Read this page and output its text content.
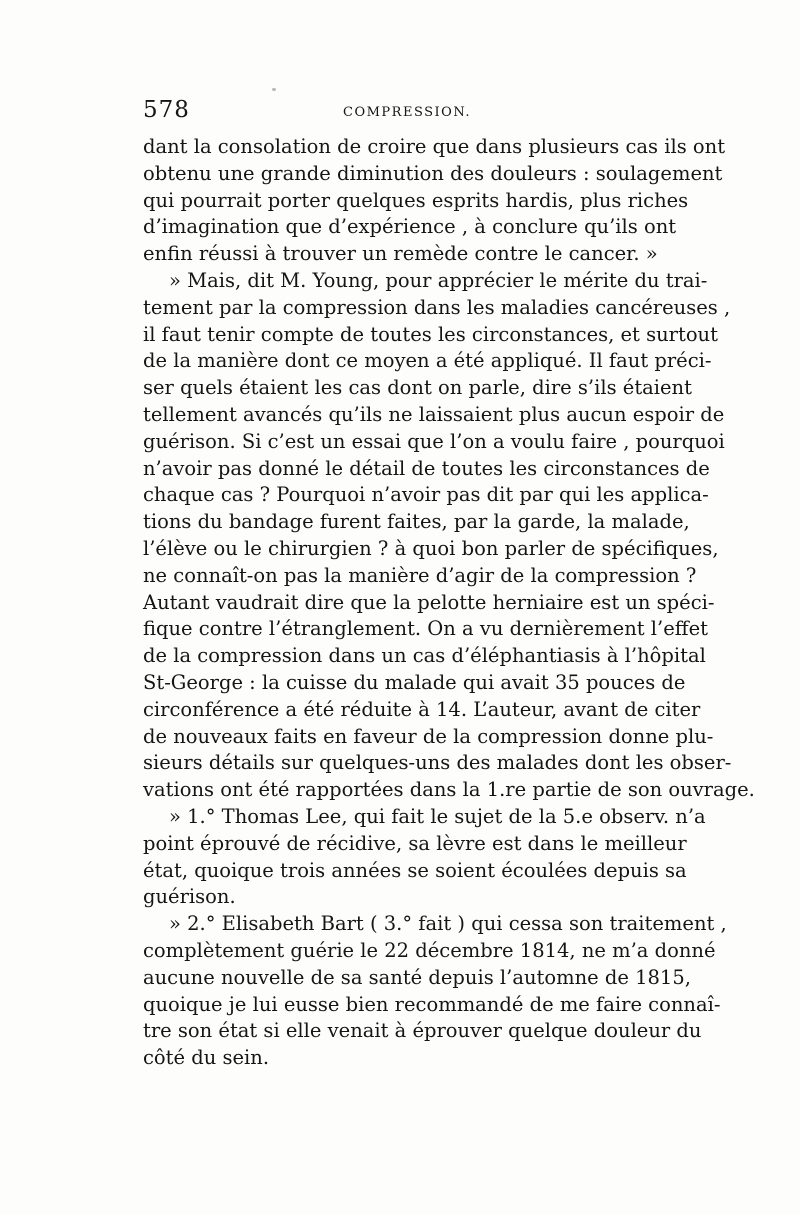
578	COMPRESSION.
dant la consolation de croire que dans plusieurs cas ils ont
obtenu une grande diminution des douleurs : soulagement
qui pourrait porter quelques esprits hardis, plus riches
d’imagination que d’expérience , à conclure qu’ils ont
enfin réussi à trouver un remède contre le cancer. »
» Mais, dit M. Young, pour apprécier le mérite du trai-
tement par la compression dans les maladies cancéreuses ,
il faut tenir compte de toutes les circonstances, et surtout
de la manière dont ce moyen a été appliqué. Il faut préci-
ser quels étaient les cas dont on parle, dire s’ils étaient
tellement avancés qu’ils ne laissaient plus aucun espoir de
guérison. Si c’est un essai que l’on a voulu faire , pourquoi
n’avoir pas donné le détail de toutes les circonstances de
chaque cas ? Pourquoi n’avoir pas dit par qui les applica-
tions du bandage furent faites, par la garde, la malade,
l’élève ou le chirurgien ? à quoi bon parler de spécifiques,
ne connaît-on pas la manière d’agir de la compression ?
Autant vaudrait dire que la pelotte herniaire est un spéci-
fique contre l’étranglement. On a vu dernièrement l’effet
de la compression dans un cas d’éléphantiasis à l’hôpital
St-George : la cuisse du malade qui avait 35 pouces de
circonférence a été réduite à 14. L’auteur, avant de citer
de nouveaux faits en faveur de la compression donne plu-
sieurs détails sur quelques-uns des malades dont les obser-
vations ont été rapportées dans la 1.re partie de son ouvrage.
» 1.° Thomas Lee, qui fait le sujet de la 5.e observ. n’a
point éprouvé de récidive, sa lèvre est dans le meilleur
état, quoique trois années se soient écoulées depuis sa
guérison.
» 2.° Elisabeth Bart ( 3.° fait ) qui cessa son traitement ,
complètement guérie le 22 décembre 1814, ne m’a donné
aucune nouvelle de sa santé depuis l’automne de 1815,
quoique je lui eusse bien recommandé de me faire connaî-
tre son état si elle venait à éprouver quelque douleur du
côté du sein.
